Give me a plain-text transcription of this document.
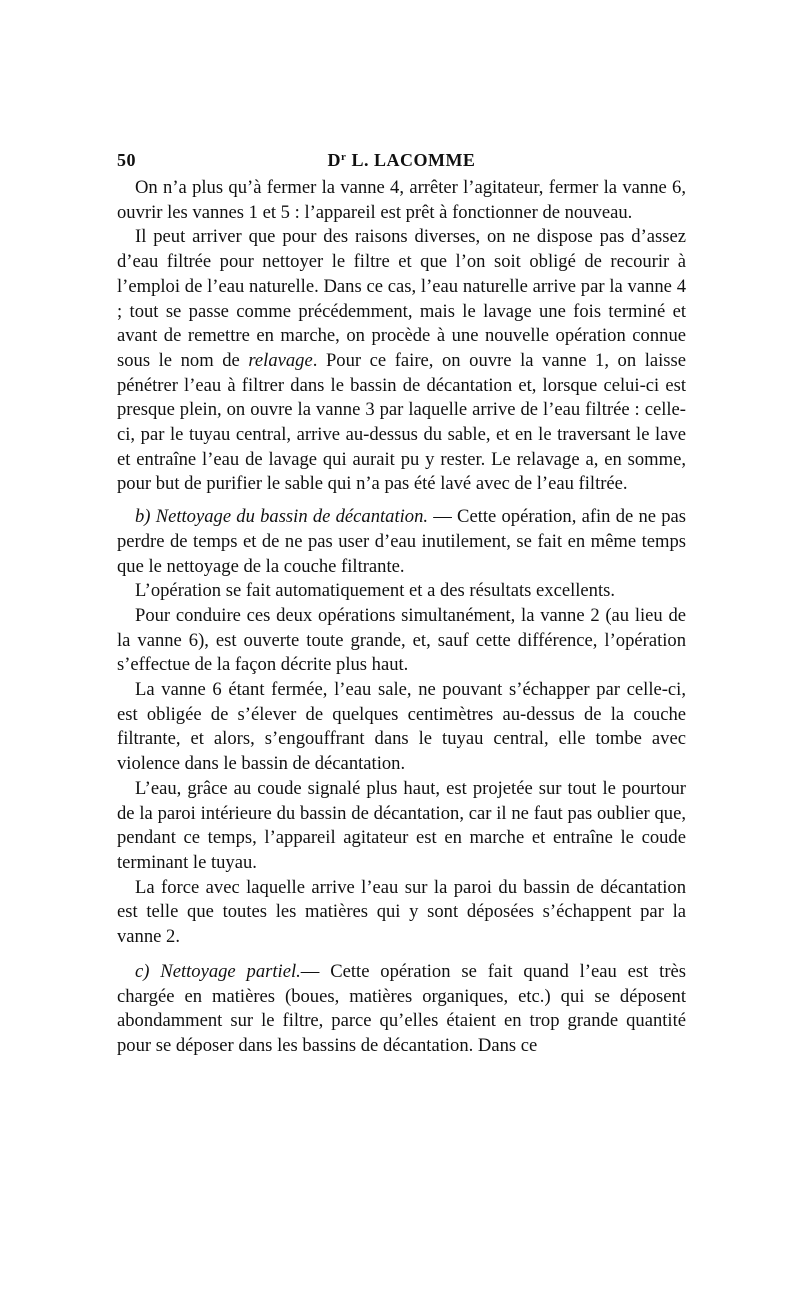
50	$D^r$ L. LACOMME

On n’a plus qu’à fermer la vanne 4, arrêter l’agitateur, fermer la vanne 6, ouvrir les vannes 1 et 5 : l’appareil est prêt à fonctionner de nouveau.

Il peut arriver que pour des raisons diverses, on ne dispose pas d’assez d’eau filtrée pour nettoyer le filtre et que l’on soit obligé de recourir à l’emploi de l’eau naturelle. Dans ce cas, l’eau naturelle arrive par la vanne 4 ; tout se passe comme précédemment, mais le lavage une fois terminé et avant de remettre en marche, on procède à une nouvelle opération connue sous le nom de relavage. Pour ce faire, on ouvre la vanne 1, on laisse pénétrer l’eau à filtrer dans le bassin de décantation et, lorsque celui-ci est presque plein, on ouvre la vanne 3 par laquelle arrive de l’eau filtrée : celle-ci, par le tuyau central, arrive au-dessus du sable, et en le traversant le lave et entraîne l’eau de lavage qui aurait pu y rester. Le relavage a, en somme, pour but de purifier le sable qui n’a pas été lavé avec de l’eau filtrée.

b) Nettoyage du bassin de décantation. — Cette opération, afin de ne pas perdre de temps et de ne pas user d’eau inutilement, se fait en même temps que le nettoyage de la couche filtrante.

L’opération se fait automatiquement et a des résultats excellents.

Pour conduire ces deux opérations simultanément, la vanne 2 (au lieu de la vanne 6), est ouverte toute grande, et, sauf cette différence, l’opération s’effectue de la façon décrite plus haut.

La vanne 6 étant fermée, l’eau sale, ne pouvant s’échapper par celle-ci, est obligée de s’élever de quelques centimètres au-dessus de la couche filtrante, et alors, s’engouffrant dans le tuyau central, elle tombe avec violence dans le bassin de décantation.

L’eau, grâce au coude signalé plus haut, est projetée sur tout le pourtour de la paroi intérieure du bassin de décantation, car il ne faut pas oublier que, pendant ce temps, l’appareil agitateur est en marche et entraîne le coude terminant le tuyau.

La force avec laquelle arrive l’eau sur la paroi du bassin de décantation est telle que toutes les matières qui y sont déposées s’échappent par la vanne 2.

c) Nettoyage partiel.— Cette opération se fait quand l’eau est très chargée en matières (boues, matières organiques, etc.) qui se déposent abondamment sur le filtre, parce qu’elles étaient en trop grande quantité pour se déposer dans les bassins de décantation. Dans ce
